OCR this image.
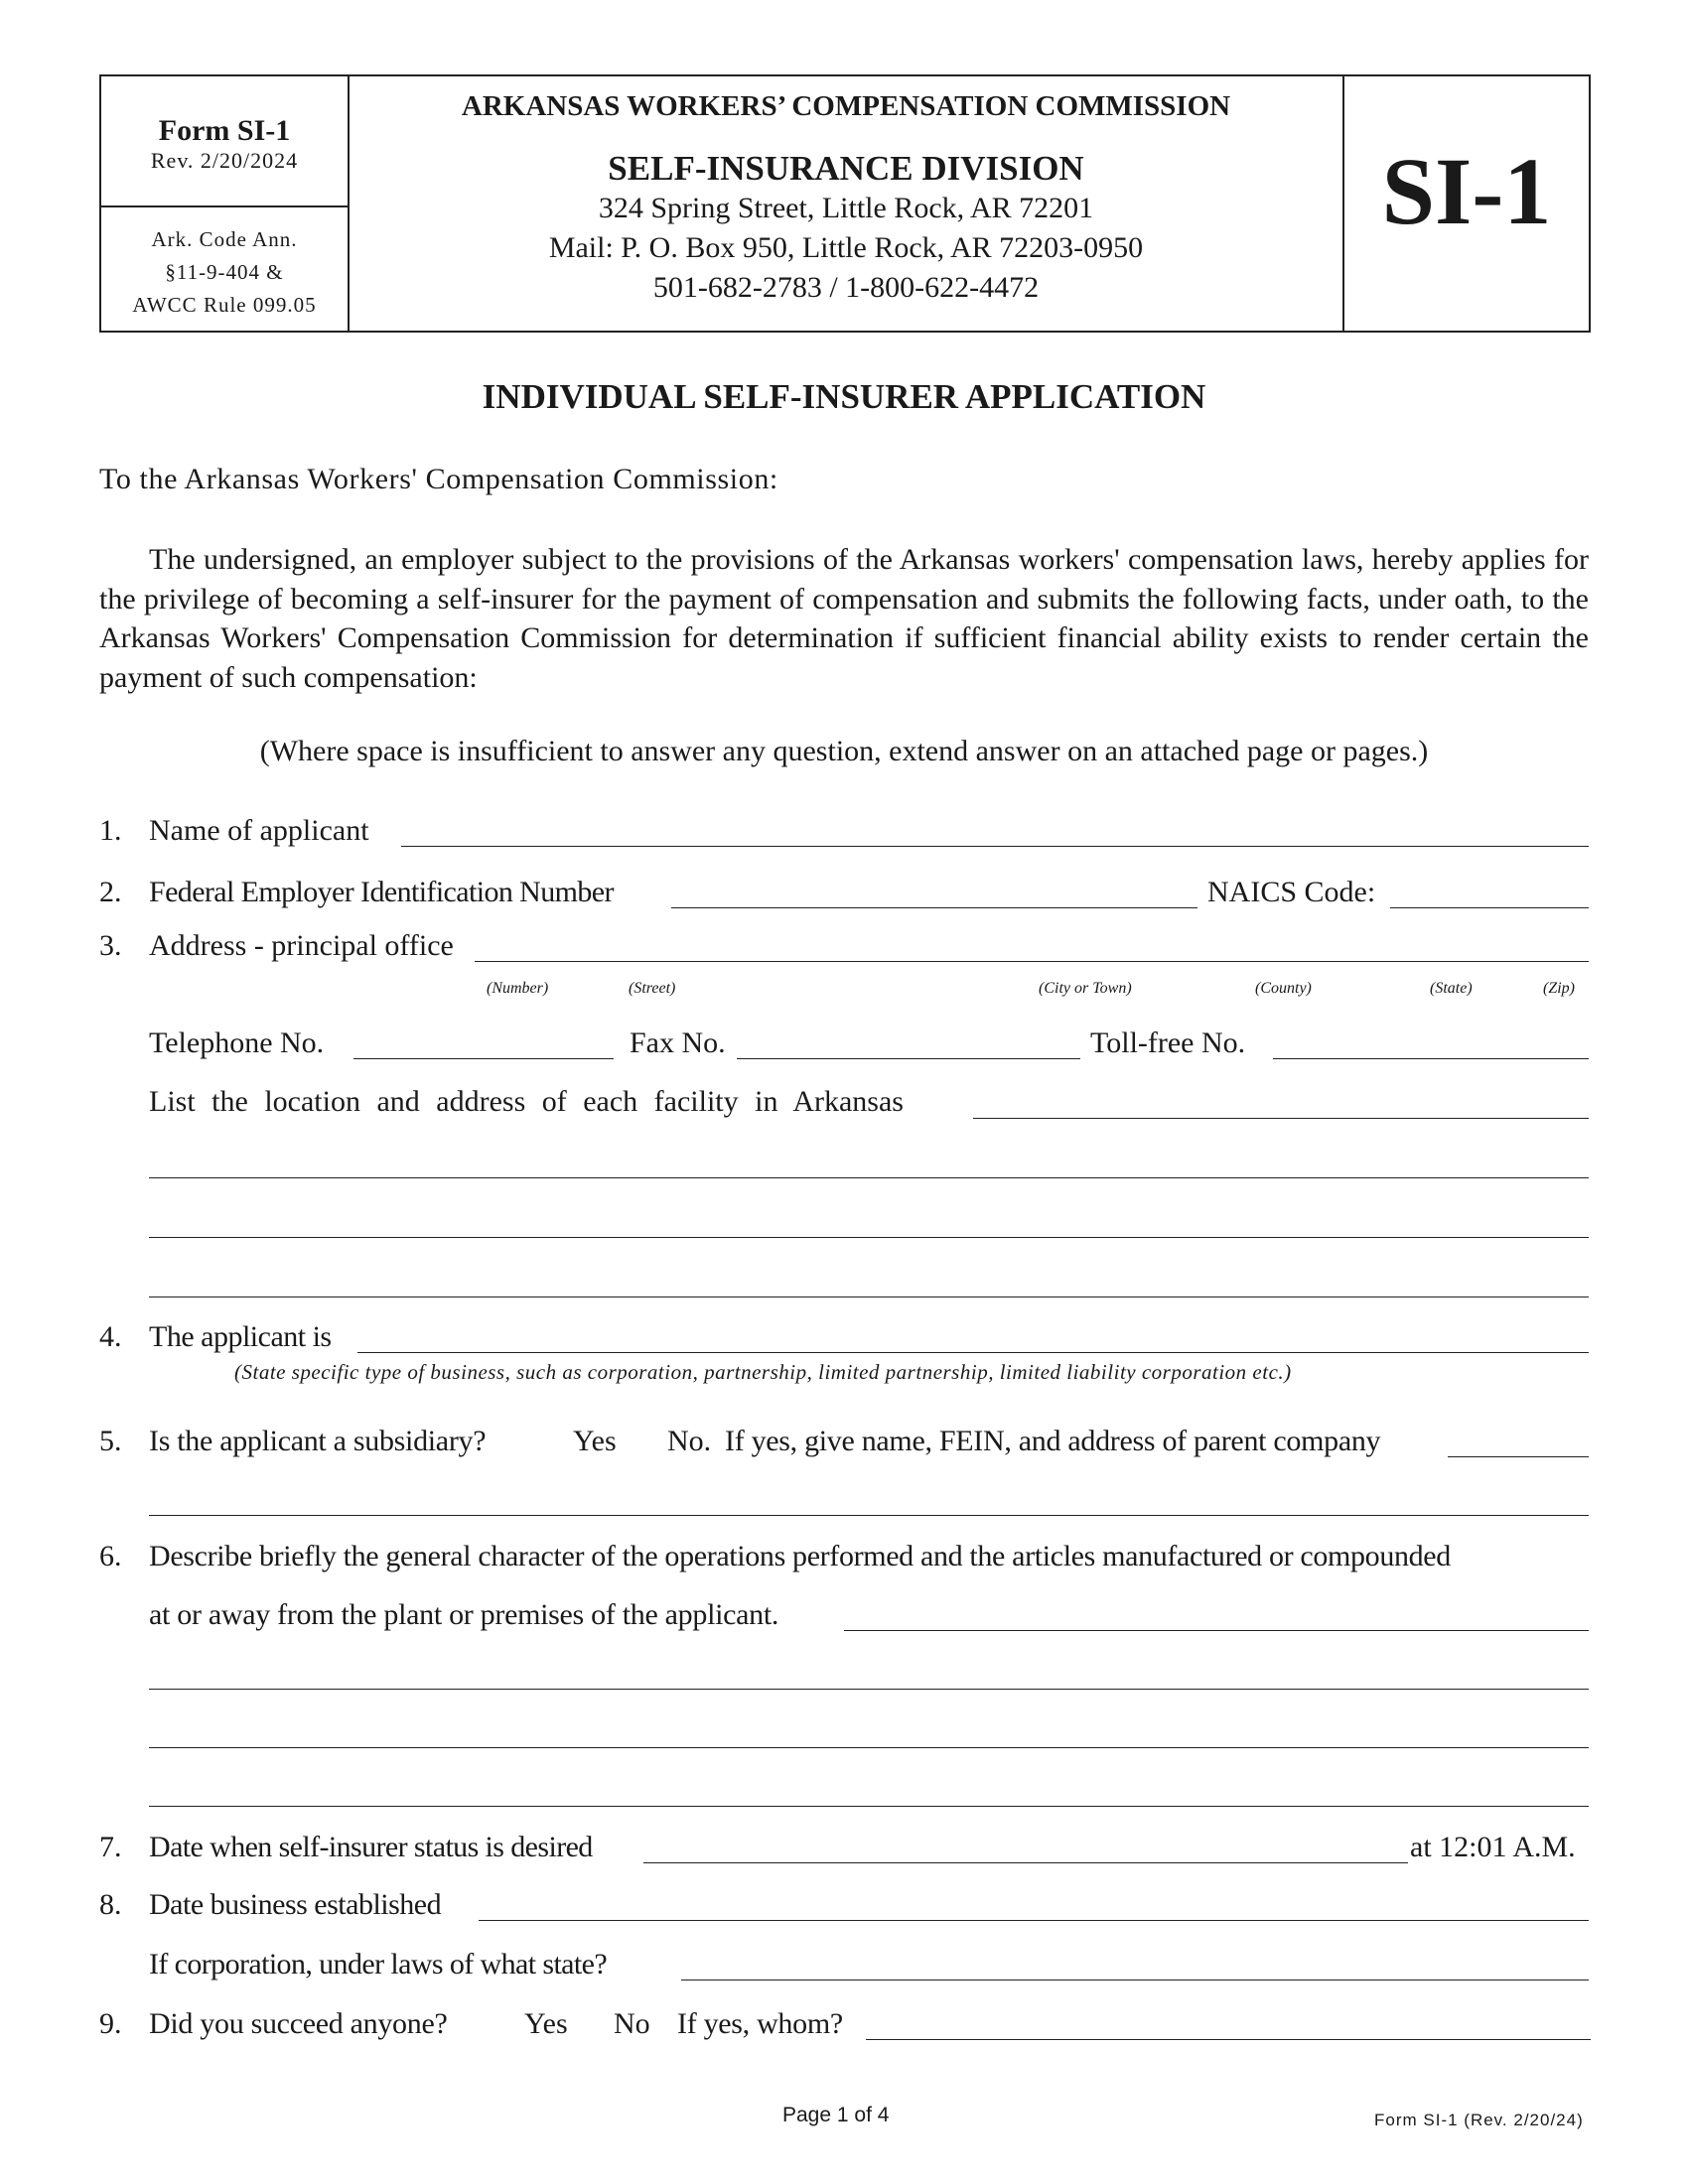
Form SI-1
Rev. 2/20/2024
Ark. Code Ann.
§11-9-404 &
AWCC Rule 099.05
ARKANSAS WORKERS’ COMPENSATION COMMISSION
SELF-INSURANCE DIVISION
324 Spring Street, Little Rock, AR 72201
Mail: P. O. Box 950, Little Rock, AR 72203-0950
501-682-2783 / 1-800-622-4472
SI-1
INDIVIDUAL SELF-INSURER APPLICATION
To the Arkansas Workers' Compensation Commission:
The undersigned, an employer subject to the provisions of the Arkansas workers' compensation laws, hereby applies for the privilege of becoming a self-insurer for the payment of compensation and submits the following facts, under oath, to the Arkansas Workers' Compensation Commission for determination if sufficient financial ability exists to render certain the payment of such compensation:
(Where space is insufficient to answer any question, extend answer on an attached page or pages.)
1. Name of applicant
2. Federal Employer Identification Number	NAICS Code:
3. Address - principal office
(Number)	(Street)	(City or Town)	(County)	(State)	(Zip)
Telephone No.	Fax No.	Toll-free No.
List the location and address of each facility in Arkansas
4. The applicant is
(State specific type of business, such as corporation, partnership, limited partnership, limited liability corporation etc.)
5. Is the applicant a subsidiary?	Yes No. If yes, give name, FEIN, and address of parent company
6. Describe briefly the general character of the operations performed and the articles manufactured or compounded
at or away from the plant or premises of the applicant.
7. Date when self-insurer status is desired	at 12:01 A.M.
8. Date business established
If corporation, under laws of what state?
9. Did you succeed anyone?	Yes No If yes, whom?
Page 1 of 4	Form SI-1 (Rev. 2/20/24)
